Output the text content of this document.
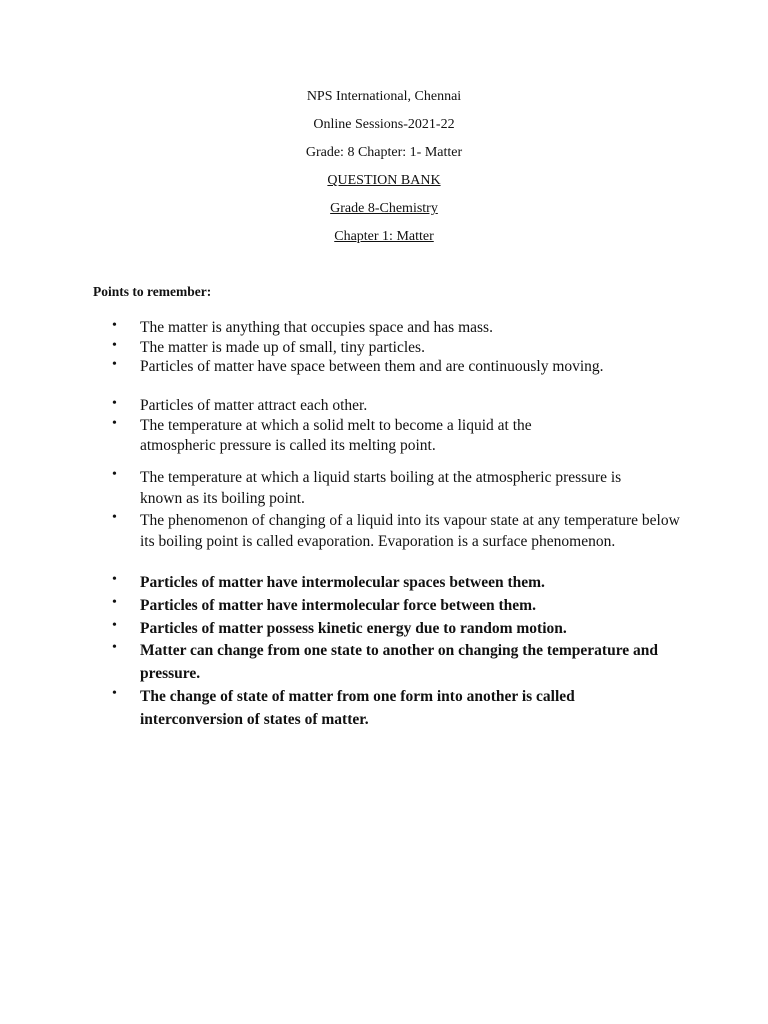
NPS International, Chennai
Online Sessions-2021-22
Grade: 8 Chapter: 1- Matter
QUESTION BANK
Grade 8-Chemistry
Chapter 1: Matter
Points to remember:
•	The matter is anything that occupies space and has mass.
•	The matter is made up of small, tiny particles.
•	Particles of matter have space between them and are continuously moving.
•	Particles of matter attract each other.
•	The temperature at which a solid melt to become a liquid at the atmospheric pressure is called its melting point.
•	The temperature at which a liquid starts boiling at the atmospheric pressure is known as its boiling point.
•	The phenomenon of changing of a liquid into its vapour state at any temperature below its boiling point is called evaporation. Evaporation is a surface phenomenon.
•	Particles of matter have intermolecular spaces between them.
•	Particles of matter have intermolecular force between them.
•	Particles of matter possess kinetic energy due to random motion.
•	Matter can change from one state to another on changing the temperature and pressure.
•	The change of state of matter from one form into another is called interconversion of states of matter.
